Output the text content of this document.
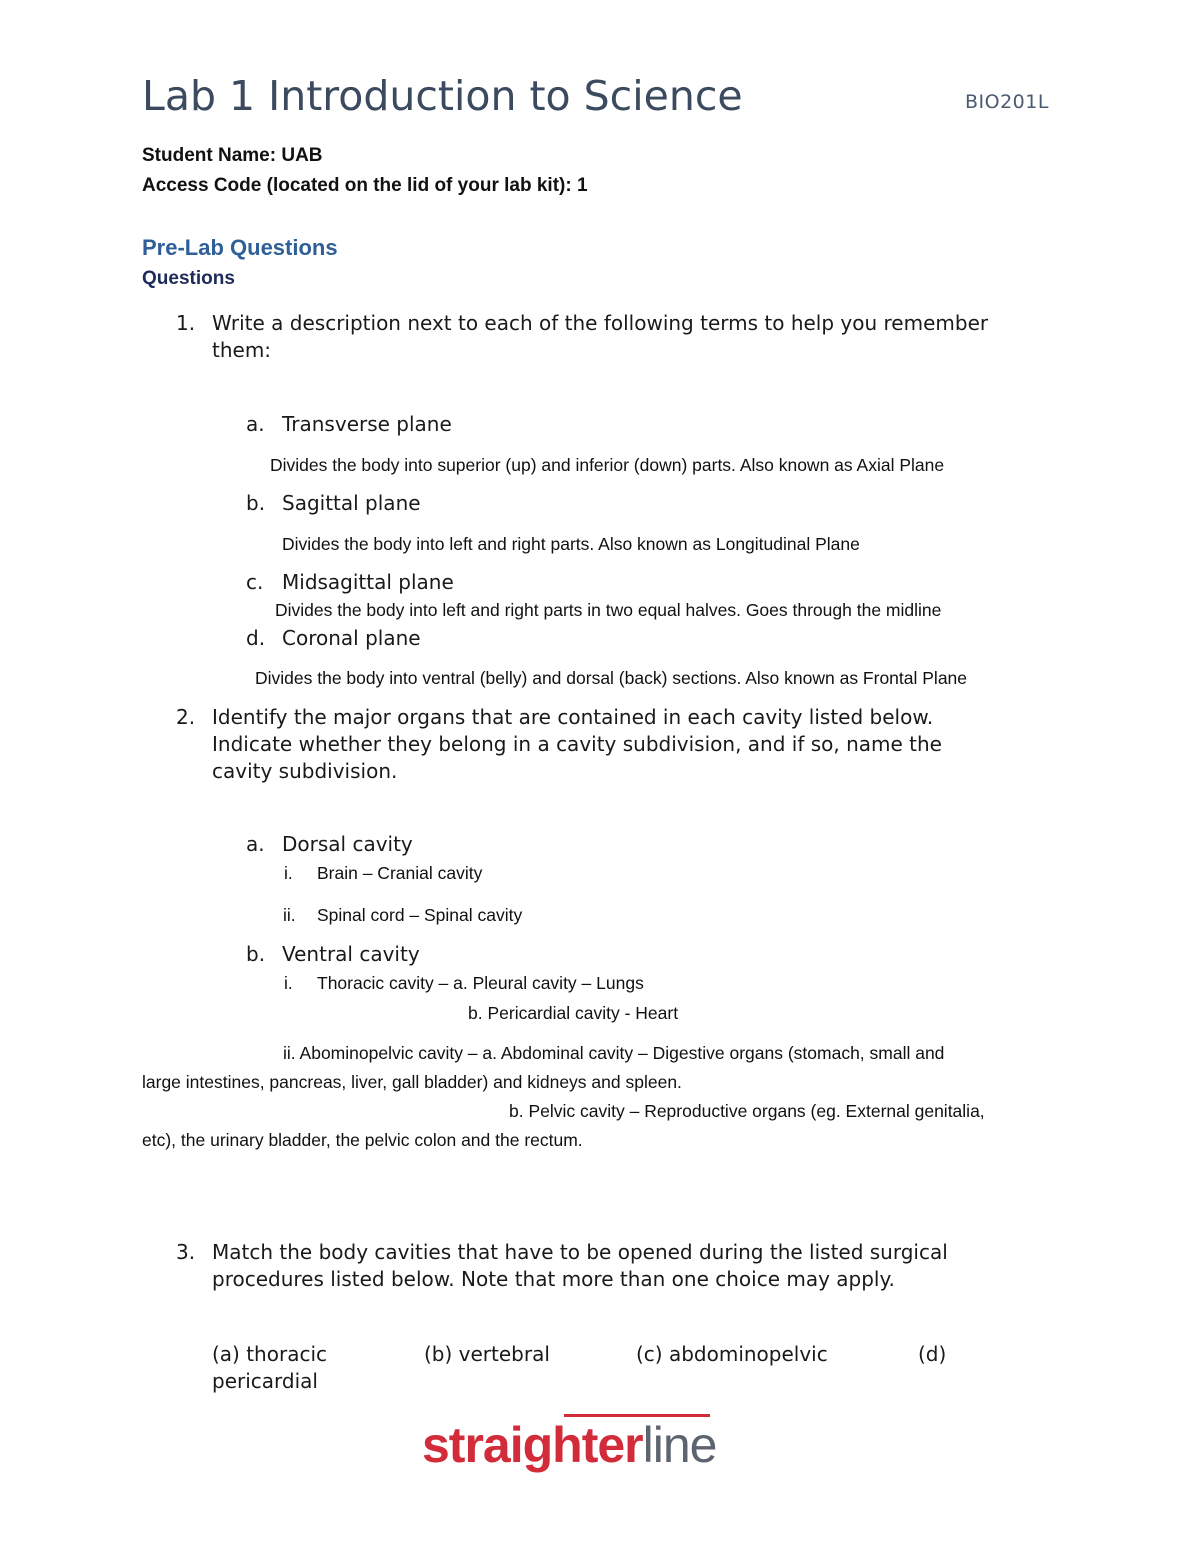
Lab 1 Introduction to Science	BIO201L
Student Name: UAB
Access Code (located on the lid of your lab kit): 1
Pre-Lab Questions
Questions
1. Write a description next to each of the following terms to help you remember
them:
a. Transverse plane
Divides the body into superior (up) and inferior (down) parts. Also known as Axial Plane
b. Sagittal plane
Divides the body into left and right parts. Also known as Longitudinal Plane
c. Midsagittal plane
Divides the body into left and right parts in two equal halves. Goes through the midline
d. Coronal plane
Divides the body into ventral (belly) and dorsal (back) sections. Also known as Frontal Plane
2. Identify the major organs that are contained in each cavity listed below.
Indicate whether they belong in a cavity subdivision, and if so, name the
cavity subdivision.
a. Dorsal cavity
i. Brain – Cranial cavity
ii. Spinal cord – Spinal cavity
b. Ventral cavity
i. Thoracic cavity – a. Pleural cavity – Lungs
b. Pericardial cavity - Heart
ii. Abominopelvic cavity – a. Abdominal cavity – Digestive organs (stomach, small and
large intestines, pancreas, liver, gall bladder) and kidneys and spleen.
b. Pelvic cavity – Reproductive organs (eg. External genitalia,
etc), the urinary bladder, the pelvic colon and the rectum.
3. Match the body cavities that have to be opened during the listed surgical
procedures listed below. Note that more than one choice may apply.
(a) thoracic	(b) vertebral	(c) abdominopelvic	(d)
pericardial
straighterline
